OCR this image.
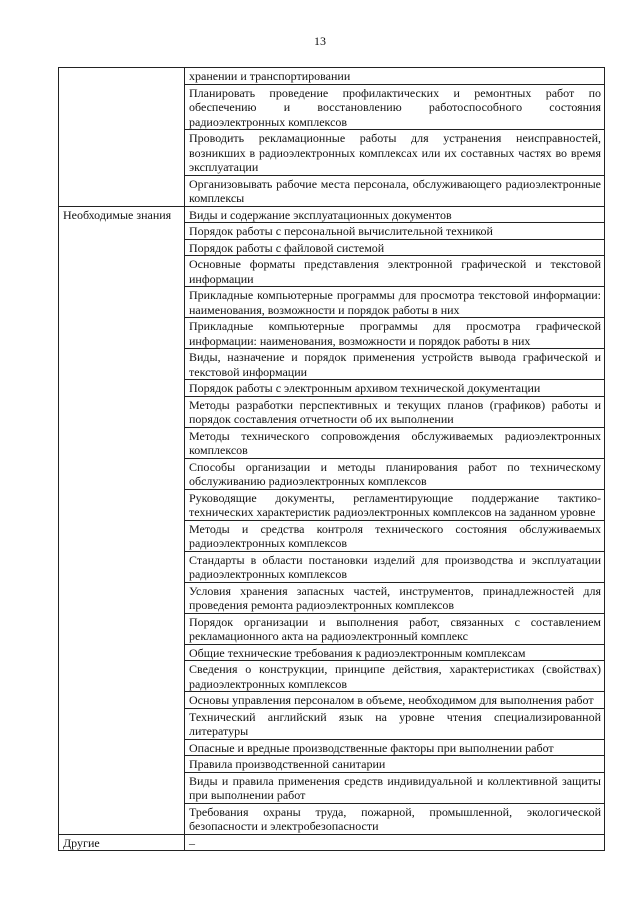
13
	хранении и транспортировании
	Планировать проведение профилактических и ремонтных работ по обеспечению и восстановлению работоспособного состояния радиоэлектронных комплексов
	Проводить рекламационные работы для устранения неисправностей, возникших в радиоэлектронных комплексах или их составных частях во время эксплуатации
	Организовывать рабочие места персонала, обслуживающего радиоэлектронные комплексы
Необходимые знания	Виды и содержание эксплуатационных документов
	Порядок работы с персональной вычислительной техникой
	Порядок работы с файловой системой
	Основные форматы представления электронной графической и текстовой информации
	Прикладные компьютерные программы для просмотра текстовой информации: наименования, возможности и порядок работы в них
	Прикладные компьютерные программы для просмотра графической информации: наименования, возможности и порядок работы в них
	Виды, назначение и порядок применения устройств вывода графической и текстовой информации
	Порядок работы с электронным архивом технической документации
	Методы разработки перспективных и текущих планов (графиков) работы и порядок составления отчетности об их выполнении
	Методы технического сопровождения обслуживаемых радиоэлектронных комплексов
	Способы организации и методы планирования работ по техническому обслуживанию радиоэлектронных комплексов
	Руководящие документы, регламентирующие поддержание тактико-технических характеристик радиоэлектронных комплексов на заданном уровне
	Методы и средства контроля технического состояния обслуживаемых радиоэлектронных комплексов
	Стандарты в области постановки изделий для производства и эксплуатации радиоэлектронных комплексов
	Условия хранения запасных частей, инструментов, принадлежностей для проведения ремонта радиоэлектронных комплексов
	Порядок организации и выполнения работ, связанных с составлением рекламационного акта на радиоэлектронный комплекс
	Общие технические требования к радиоэлектронным комплексам
	Сведения о конструкции, принципе действия, характеристиках (свойствах) радиоэлектронных комплексов
	Основы управления персоналом в объеме, необходимом для выполнения работ
	Технический английский язык на уровне чтения специализированной литературы
	Опасные и вредные производственные факторы при выполнении работ
	Правила производственной санитарии
	Виды и правила применения средств индивидуальной и коллективной защиты при выполнении работ
	Требования охраны труда, пожарной, промышленной, экологической безопасности и электробезопасности
Другие	–
